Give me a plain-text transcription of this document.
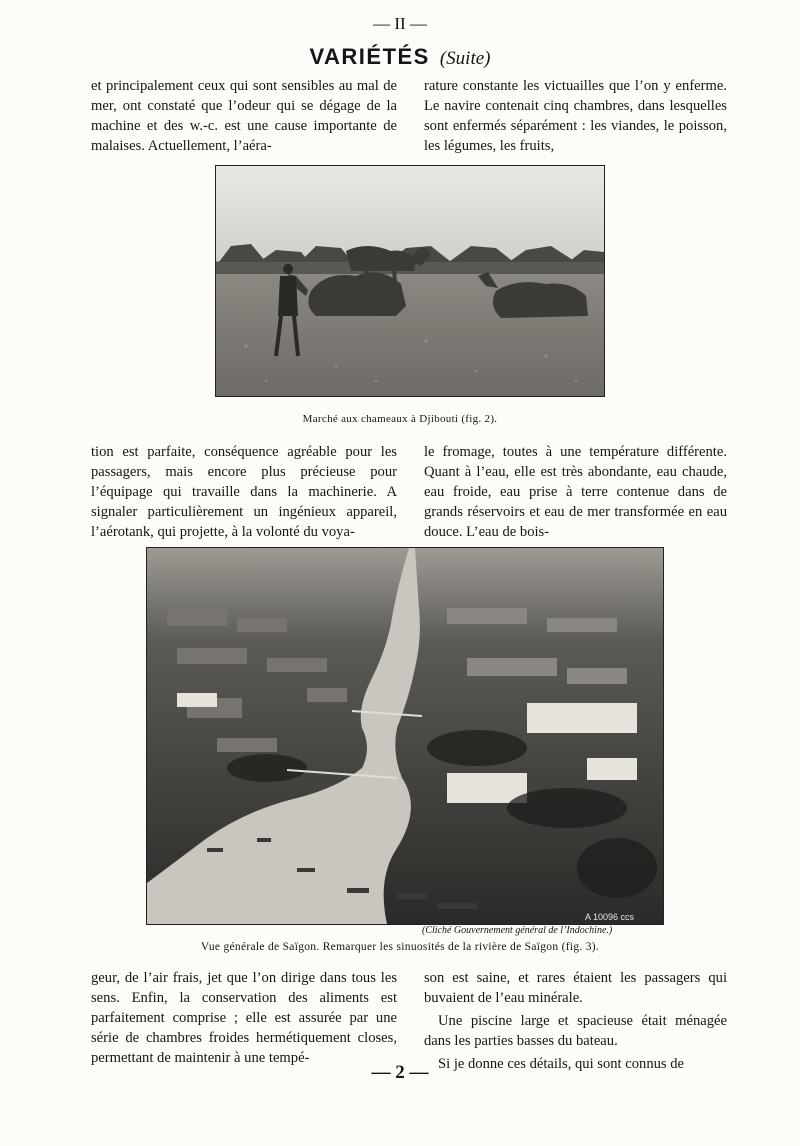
— II —
VARIÉTÉS (Suite)

et principalement ceux qui sont sensibles au mal de mer, ont constaté que l’odeur qui se dégage de la machine et des w.-c. est une cause importante de malaises. Actuellement, l’aéra-

rature constante les victuailles que l’on y enferme. Le navire contenait cinq chambres, dans lesquelles sont enfermés séparément : les viandes, le poisson, les légumes, les fruits,

Marché aux chameaux à Djibouti (fig. 2).

tion est parfaite, conséquence agréable pour les passagers, mais encore plus précieuse pour l’équipage qui travaille dans la machinerie. A signaler particulièrement un ingénieux appareil, l’aérotank, qui projette, à la volonté du voya-

le fromage, toutes à une température différente. Quant à l’eau, elle est très abondante, eau chaude, eau froide, eau prise à terre contenue dans de grands réservoirs et eau de mer transformée en eau douce. L’eau de bois-

A 10096 ccs
(Cliché Gouvernement général de l’Indochine.)
Vue générale de Saïgon. Remarquer les sinuosités de la rivière de Saïgon (fig. 3).

geur, de l’air frais, jet que l’on dirige dans tous les sens. Enfin, la conservation des aliments est parfaitement comprise ; elle est assurée par une série de chambres froides hermétiquement closes, permettant de maintenir à une tempé-

son est saine, et rares étaient les passagers qui buvaient de l’eau minérale.

Une piscine large et spacieuse était ménagée dans les parties basses du bateau.

Si je donne ces détails, qui sont connus de

— 2 —
